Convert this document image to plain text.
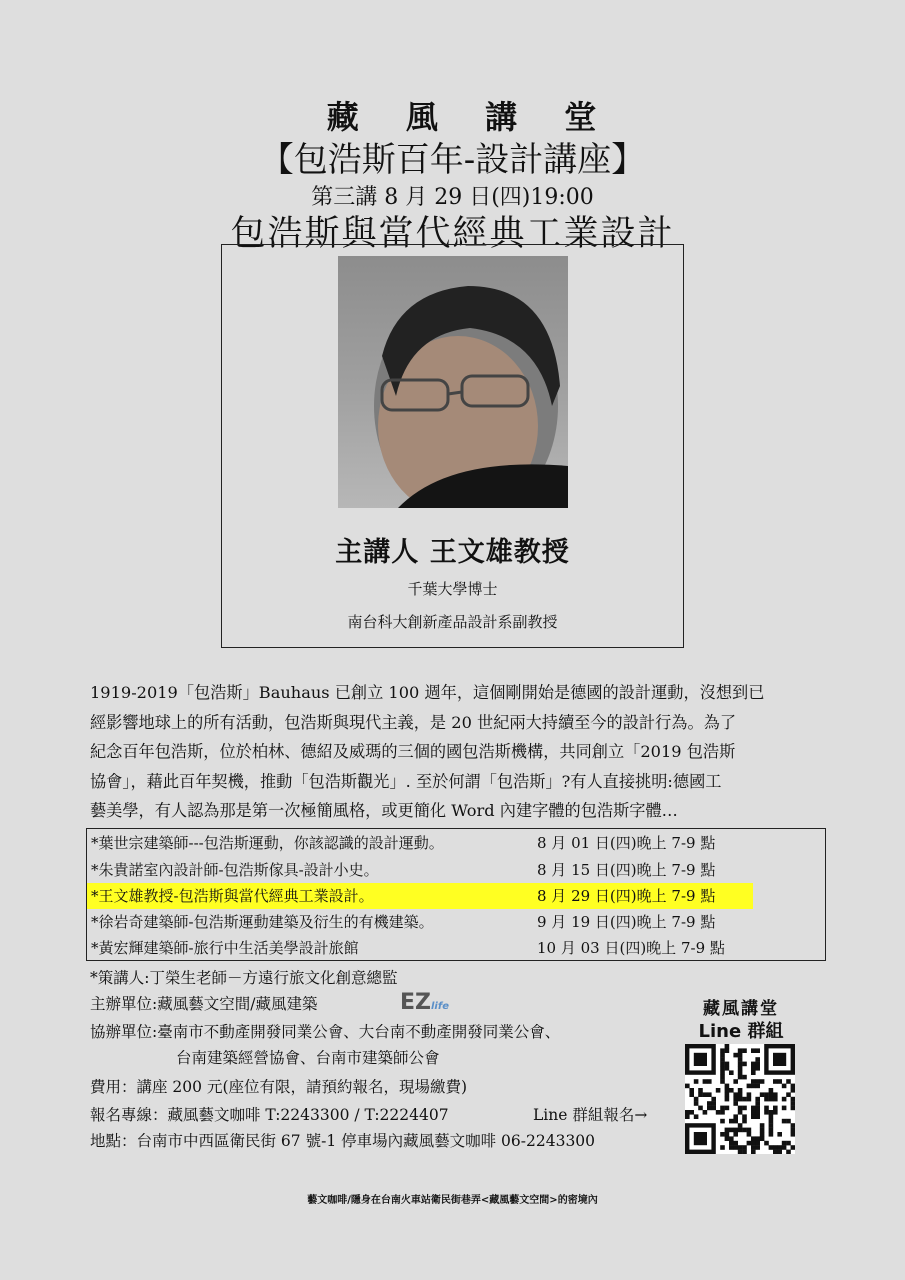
藏 風 講 堂
【包浩斯百年-設計講座】
第三講 8 月 29 日(四)19:00
包浩斯與當代經典工業設計
主講人 王文雄教授
千葉大學博士
南台科大創新產品設計系副教授
1919-2019「包浩斯」Bauhaus 已創立 100 週年，這個剛開始是德國的設計運動，沒想到已
經影響地球上的所有活動，包浩斯與現代主義，是 20 世紀兩大持續至今的設計行為。為了
紀念百年包浩斯，位於柏林、德紹及威瑪的三個的國包浩斯機構，共同創立「2019 包浩斯
協會」，藉此百年契機，推動「包浩斯觀光」. 至於何謂「包浩斯」?有人直接挑明:德國工
藝美學，有人認為那是第一次極簡風格，或更簡化 Word 內建字體的包浩斯字體…
*葉世宗建築師---包浩斯運動，你該認識的設計運動。	8 月 01 日(四)晚上 7-9 點
*朱貴諾室內設計師-包浩斯傢具-設計小史。	8 月 15 日(四)晚上 7-9 點
*王文雄教授-包浩斯與當代經典工業設計。	8 月 29 日(四)晚上 7-9 點
*徐岩奇建築師-包浩斯運動建築及衍生的有機建築。	9 月 19 日(四)晚上 7-9 點
*黃宏輝建築師-旅行中生活美學設計旅館	10 月 03 日(四)晚上 7-9 點
*策講人:丁榮生老師－方遠行旅文化創意總監
主辦單位:藏風藝文空間/藏風建築	EZlife
協辦單位:臺南市不動產開發同業公會、大台南不動產開發同業公會、
台南建築經營協會、台南市建築師公會
費用：講座 200 元(座位有限，請預約報名，現場繳費)
報名專線：藏風藝文咖啡 T:2243300 / T:2224407	Line 群組報名→
地點：台南市中西區衛民街 67 號-1 停車場內藏風藝文咖啡 06-2243300
藏風講堂
Line 群組
藝文咖啡/隱身在台南火車站衛民街巷弄<藏風藝文空間>的密境內
